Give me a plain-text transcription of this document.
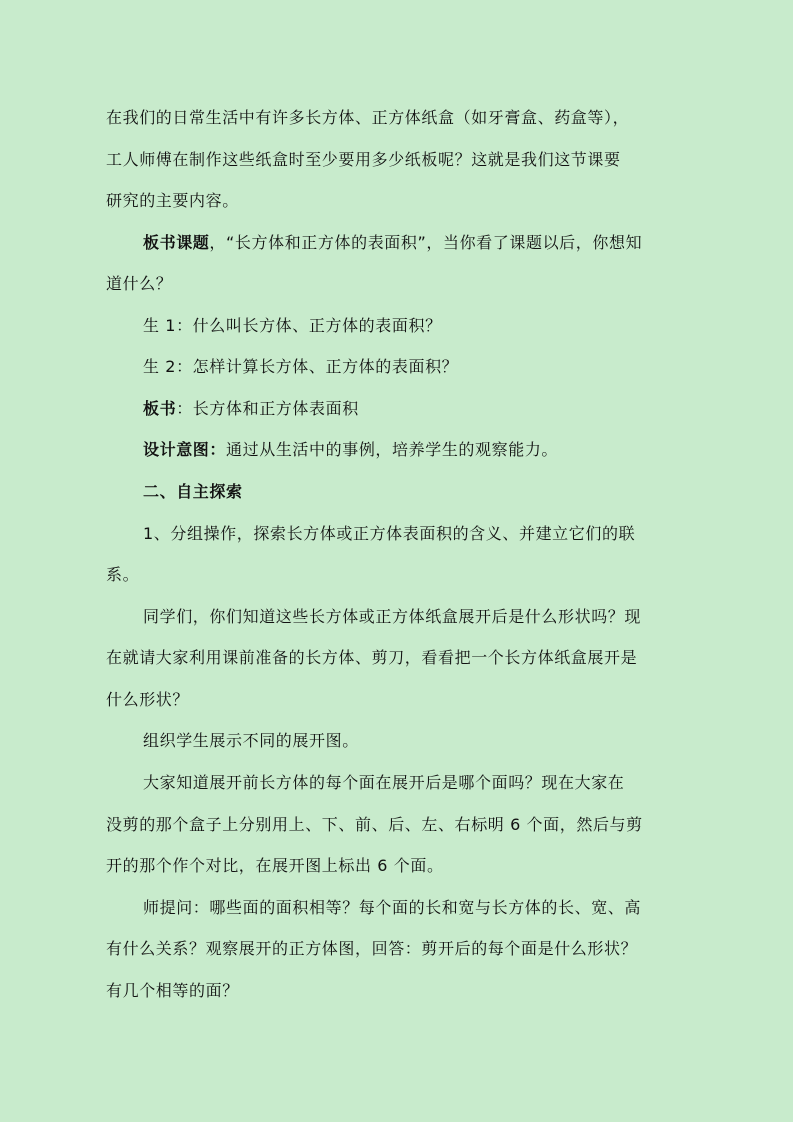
在我们的日常生活中有许多长方体、正方体纸盒（如牙膏盒、药盒等），
工人师傅在制作这些纸盒时至少要用多少纸板呢？这就是我们这节课要
研究的主要内容。
板书课题，“长方体和正方体的表面积”，当你看了课题以后，你想知
道什么？
生 1：什么叫长方体、正方体的表面积？
生 2：怎样计算长方体、正方体的表面积？
板书：长方体和正方体表面积
设计意图：通过从生活中的事例，培养学生的观察能力。
二、自主探索
1、分组操作，探索长方体或正方体表面积的含义、并建立它们的联
系。
同学们，你们知道这些长方体或正方体纸盒展开后是什么形状吗？现
在就请大家利用课前准备的长方体、剪刀，看看把一个长方体纸盒展开是
什么形状？
组织学生展示不同的展开图。
大家知道展开前长方体的每个面在展开后是哪个面吗？现在大家在
没剪的那个盒子上分别用上、下、前、后、左、右标明 6 个面，然后与剪
开的那个作个对比，在展开图上标出 6 个面。
师提问：哪些面的面积相等？每个面的长和宽与长方体的长、宽、高
有什么关系？观察展开的正方体图，回答：剪开后的每个面是什么形状？
有几个相等的面？
